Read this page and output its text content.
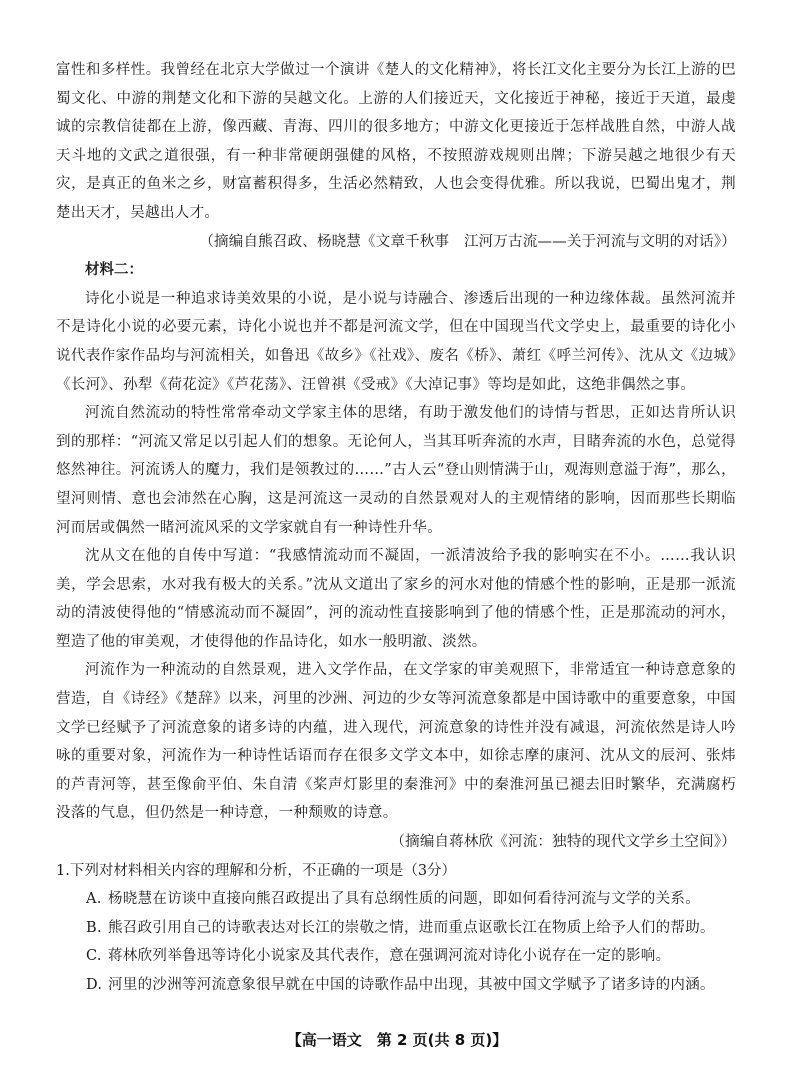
富性和多样性。我曾经在北京大学做过一个演讲《楚人的文化精神》，将长江文化主要分为长江上游的巴蜀文化、中游的荆楚文化和下游的吴越文化。上游的人们接近天，文化接近于神秘，接近于天道，最虔诚的宗教信徒都在上游，像西藏、青海、四川的很多地方；中游文化更接近于怎样战胜自然，中游人战天斗地的文武之道很强，有一种非常硬朗强健的风格，不按照游戏规则出牌；下游吴越之地很少有天灾，是真正的鱼米之乡，财富蓄积得多，生活必然精致，人也会变得优雅。所以我说，巴蜀出鬼才，荆楚出天才，吴越出人才。

（摘编自熊召政、杨晓慧《文章千秋事　江河万古流——关于河流与文明的对话》）

材料二：

诗化小说是一种追求诗美效果的小说，是小说与诗融合、渗透后出现的一种边缘体裁。虽然河流并不是诗化小说的必要元素，诗化小说也并不都是河流文学，但在中国现当代文学史上，最重要的诗化小说代表作家作品均与河流相关，如鲁迅《故乡》《社戏》、废名《桥》、萧红《呼兰河传》、沈从文《边城》《长河》、孙犁《荷花淀》《芦花荡》、汪曾祺《受戒》《大淖记事》等均是如此，这绝非偶然之事。

河流自然流动的特性常常牵动文学家主体的思绪，有助于激发他们的诗情与哲思，正如达肯所认识到的那样：“河流又常足以引起人们的想象。无论何人，当其耳听奔流的水声，目睹奔流的水色，总觉得悠然神往。河流诱人的魔力，我们是领教过的……”古人云“登山则情满于山，观海则意溢于海”，那么，望河则情、意也会沛然在心胸，这是河流这一灵动的自然景观对人的主观情绪的影响，因而那些长期临河而居或偶然一睹河流风采的文学家就自有一种诗性升华。

沈从文在他的自传中写道：“我感情流动而不凝固，一派清波给予我的影响实在不小。……我认识美，学会思索，水对我有极大的关系。”沈从文道出了家乡的河水对他的情感个性的影响，正是那一派流动的清波使得他的“情感流动而不凝固”，河的流动性直接影响到了他的情感个性，正是那流动的河水，塑造了他的审美观，才使得他的作品诗化，如水一般明澈、淡然。

河流作为一种流动的自然景观，进入文学作品，在文学家的审美观照下，非常适宜一种诗意意象的营造，自《诗经》《楚辞》以来，河里的沙洲、河边的少女等河流意象都是中国诗歌中的重要意象，中国文学已经赋予了河流意象的诸多诗的内蕴，进入现代，河流意象的诗性并没有减退，河流依然是诗人吟咏的重要对象，河流作为一种诗性话语而存在很多文学文本中，如徐志摩的康河、沈从文的辰河、张炜的芦青河等，甚至像俞平伯、朱自清《桨声灯影里的秦淮河》中的秦淮河虽已褪去旧时繁华，充满腐朽没落的气息，但仍然是一种诗意，一种颓败的诗意。

（摘编自蒋林欣《河流：独特的现代文学乡土空间》）

1.下列对材料相关内容的理解和分析，不正确的一项是（3分）

A. 杨晓慧在访谈中直接向熊召政提出了具有总纲性质的问题，即如何看待河流与文学的关系。
B. 熊召政引用自己的诗歌表达对长江的崇敬之情，进而重点讴歌长江在物质上给予人们的帮助。
C. 蒋林欣列举鲁迅等诗化小说家及其代表作，意在强调河流对诗化小说存在一定的影响。
D. 河里的沙洲等河流意象很早就在中国的诗歌作品中出现，其被中国文学赋予了诸多诗的内涵。
【高一语文　第 2 页(共 8 页)】
